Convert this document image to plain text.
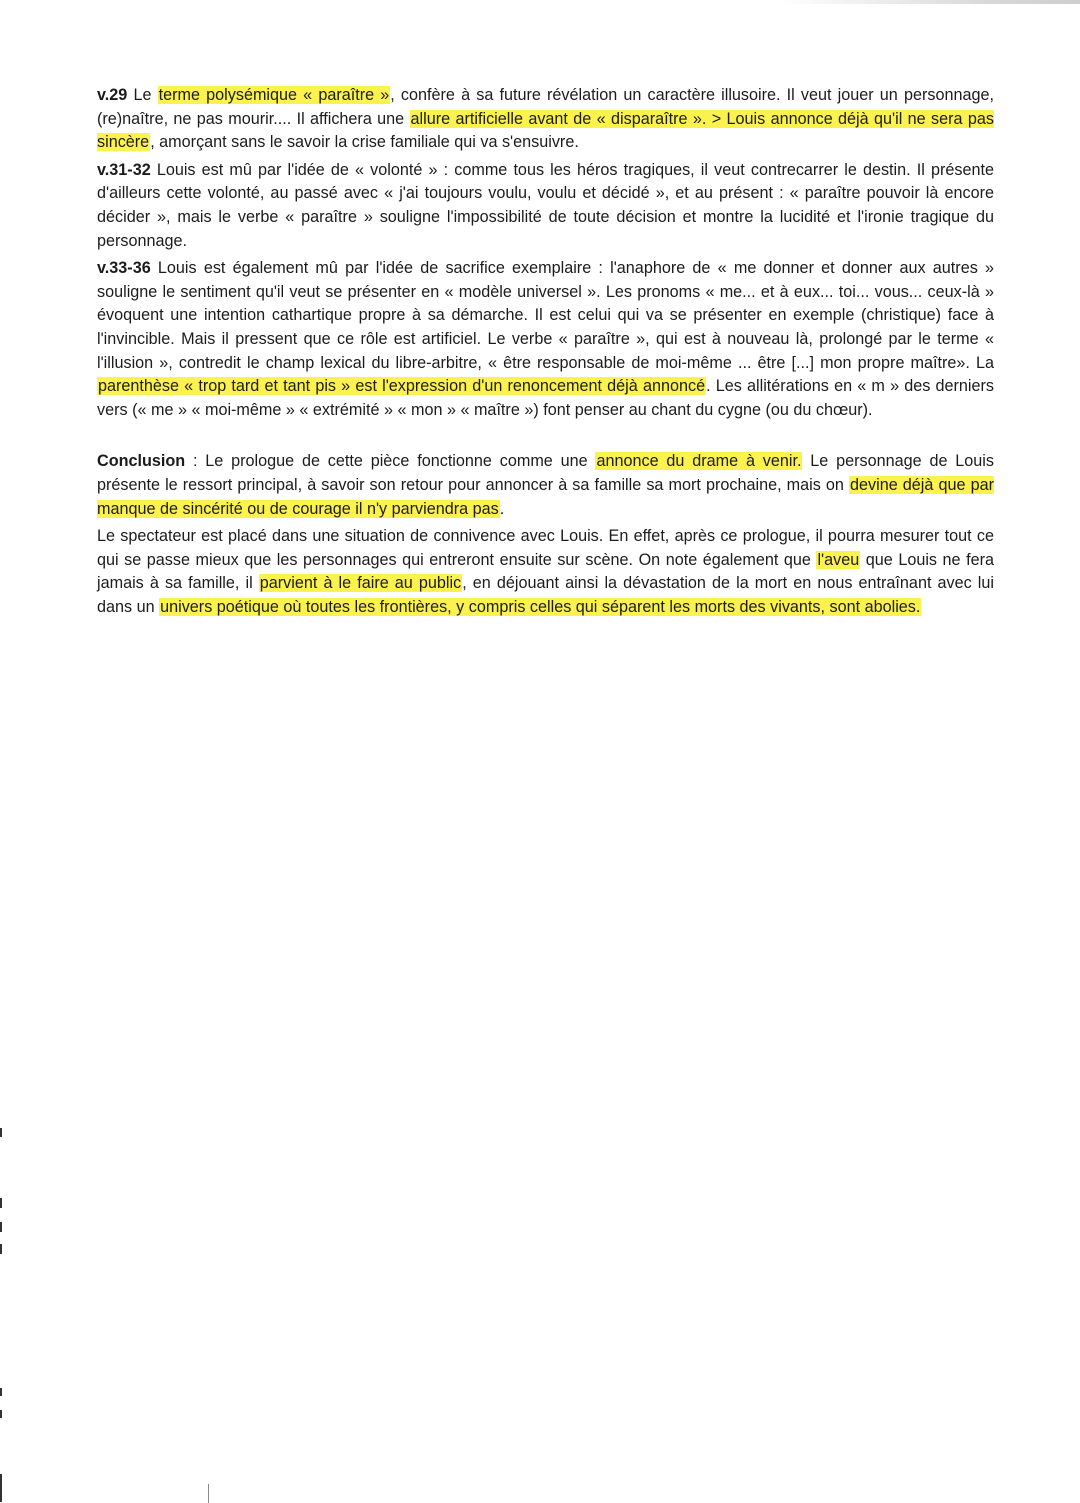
v.29 Le terme polysémique « paraître », confère à sa future révélation un caractère illusoire. Il veut jouer un personnage, (re)naître, ne pas mourir.... Il affichera une allure artificielle avant de « disparaître ». > Louis annonce déjà qu'il ne sera pas sincère, amorçant sans le savoir la crise familiale qui va s'ensuivre.

v.31-32 Louis est mû par l'idée de « volonté » : comme tous les héros tragiques, il veut contrecarrer le destin. Il présente d'ailleurs cette volonté, au passé avec « j'ai toujours voulu, voulu et décidé », et au présent : « paraître pouvoir là encore décider », mais le verbe « paraître » souligne l'impossibilité de toute décision et montre la lucidité et l'ironie tragique du personnage.

v.33-36 Louis est également mû par l'idée de sacrifice exemplaire : l'anaphore de « me donner et donner aux autres » souligne le sentiment qu'il veut se présenter en « modèle universel ». Les pronoms « me... et à eux... toi... vous... ceux-là » évoquent une intention cathartique propre à sa démarche. Il est celui qui va se présenter en exemple (christique) face à l'invincible. Mais il pressent que ce rôle est artificiel. Le verbe « paraître », qui est à nouveau là, prolongé par le terme « l'illusion », contredit le champ lexical du libre-arbitre, « être responsable de moi-même ... être [...] mon propre maître». La parenthèse « trop tard et tant pis » est l'expression d'un renoncement déjà annoncé. Les allitérations en « m » des derniers vers (« me » « moi-même » « extrémité » « mon » « maître ») font penser au chant du cygne (ou du chœur).

Conclusion : Le prologue de cette pièce fonctionne comme une annonce du drame à venir. Le personnage de Louis présente le ressort principal, à savoir son retour pour annoncer à sa famille sa mort prochaine, mais on devine déjà que par manque de sincérité ou de courage il n'y parviendra pas.

Le spectateur est placé dans une situation de connivence avec Louis. En effet, après ce prologue, il pourra mesurer tout ce qui se passe mieux que les personnages qui entreront ensuite sur scène. On note également que l'aveu que Louis ne fera jamais à sa famille, il parvient à le faire au public, en déjouant ainsi la dévastation de la mort en nous entraînant avec lui dans un univers poétique où toutes les frontières, y compris celles qui séparent les morts des vivants, sont abolies.
